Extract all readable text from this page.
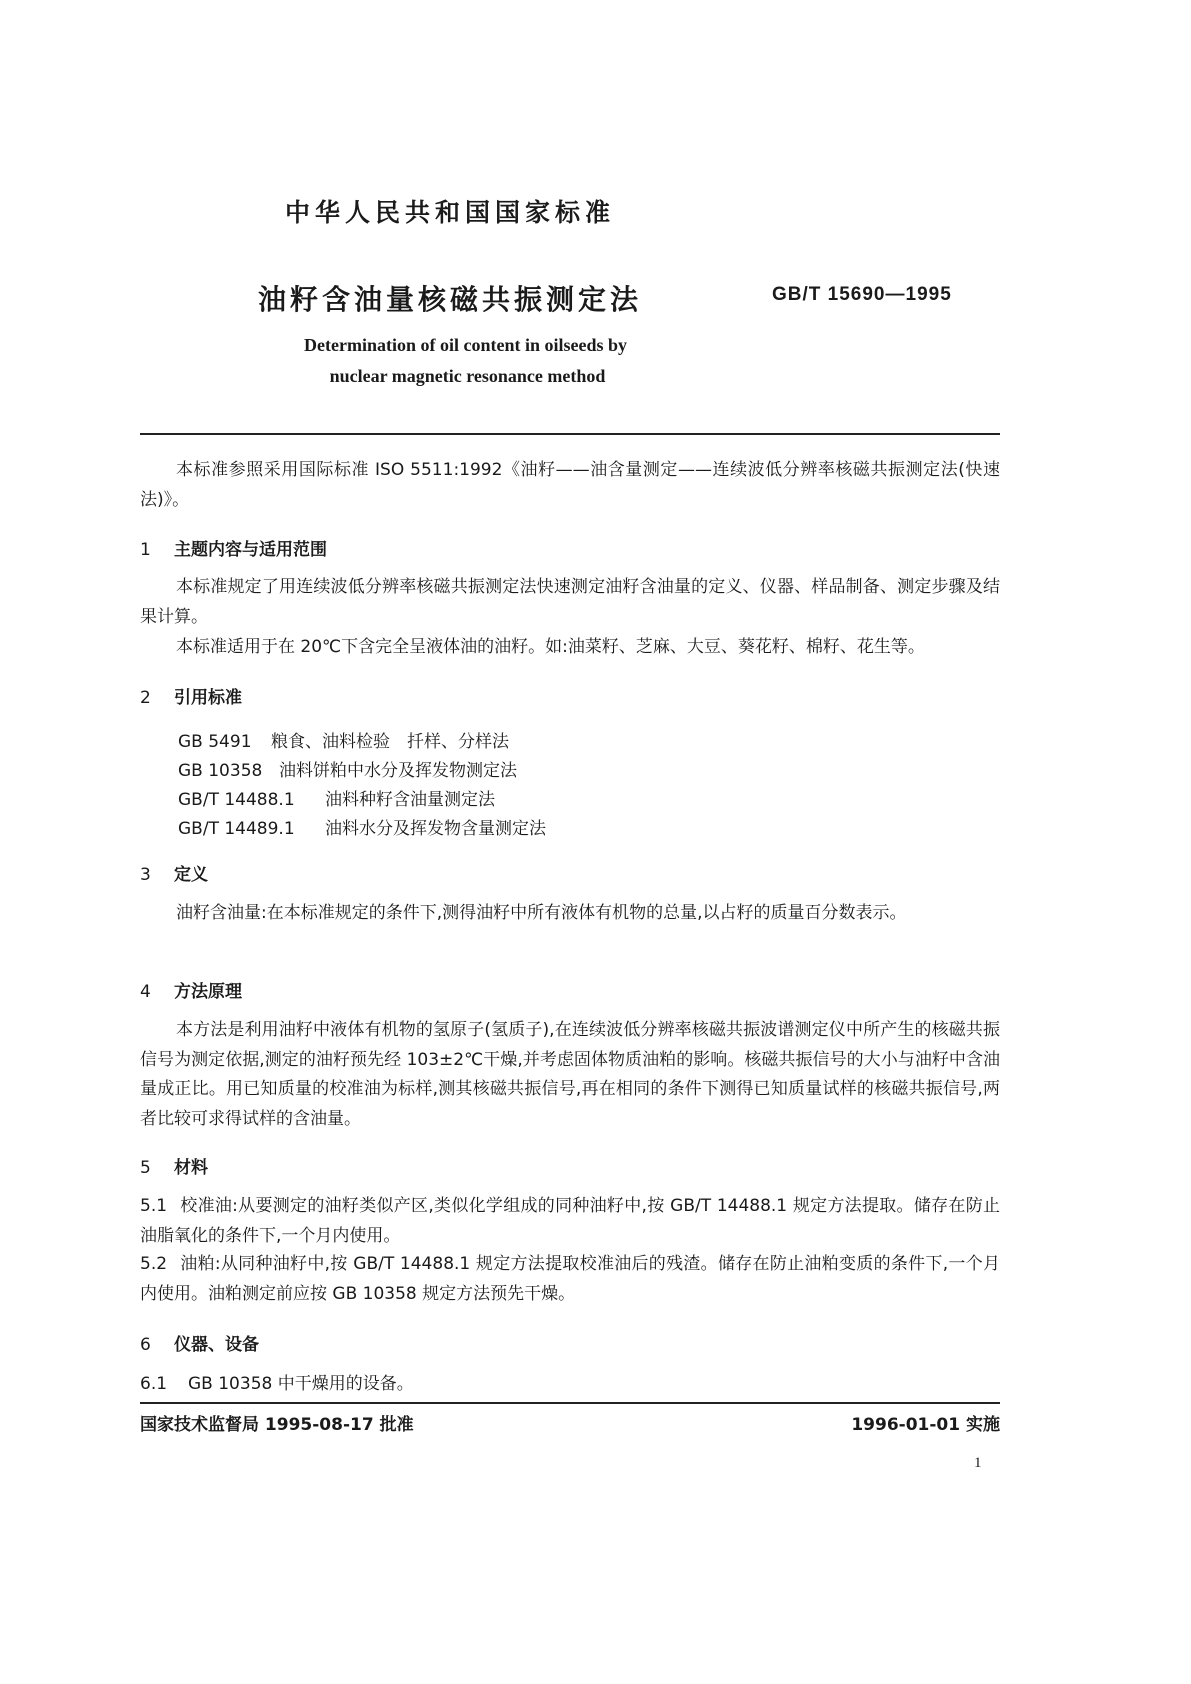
中华人民共和国国家标准
油籽含油量核磁共振测定法	GB/T 15690—1995
Determination of oil content in oilseeds by
nuclear magnetic resonance method
本标准参照采用国际标准 ISO 5511:1992《油籽——油含量测定——连续波低分辨率核磁共振测定法(快速法)》。
1 主题内容与适用范围
本标准规定了用连续波低分辨率核磁共振测定法快速测定油籽含油量的定义、仪器、样品制备、测定步骤及结果计算。
本标准适用于在 20℃下含完全呈液体油的油籽。如:油菜籽、芝麻、大豆、葵花籽、棉籽、花生等。
2 引用标准
GB 5491 粮食、油料检验　扦样、分样法
GB 10358 油料饼粕中水分及挥发物测定法
GB/T 14488.1 油料种籽含油量测定法
GB/T 14489.1 油料水分及挥发物含量测定法
3 定义
油籽含油量:在本标准规定的条件下,测得油籽中所有液体有机物的总量,以占籽的质量百分数表示。
4 方法原理
本方法是利用油籽中液体有机物的氢原子(氢质子),在连续波低分辨率核磁共振波谱测定仪中所产生的核磁共振信号为测定依据,测定的油籽预先经 103±2℃干燥,并考虑固体物质油粕的影响。核磁共振信号的大小与油籽中含油量成正比。用已知质量的校准油为标样,测其核磁共振信号,再在相同的条件下测得已知质量试样的核磁共振信号,两者比较可求得试样的含油量。
5 材料
5.1 校准油:从要测定的油籽类似产区,类似化学组成的同种油籽中,按 GB/T 14488.1 规定方法提取。储存在防止油脂氧化的条件下,一个月内使用。
5.2 油粕:从同种油籽中,按 GB/T 14488.1 规定方法提取校准油后的残渣。储存在防止油粕变质的条件下,一个月内使用。油粕测定前应按 GB 10358 规定方法预先干燥。
6 仪器、设备
6.1 GB 10358 中干燥用的设备。
国家技术监督局 1995-08-17 批准	1996-01-01 实施
1
